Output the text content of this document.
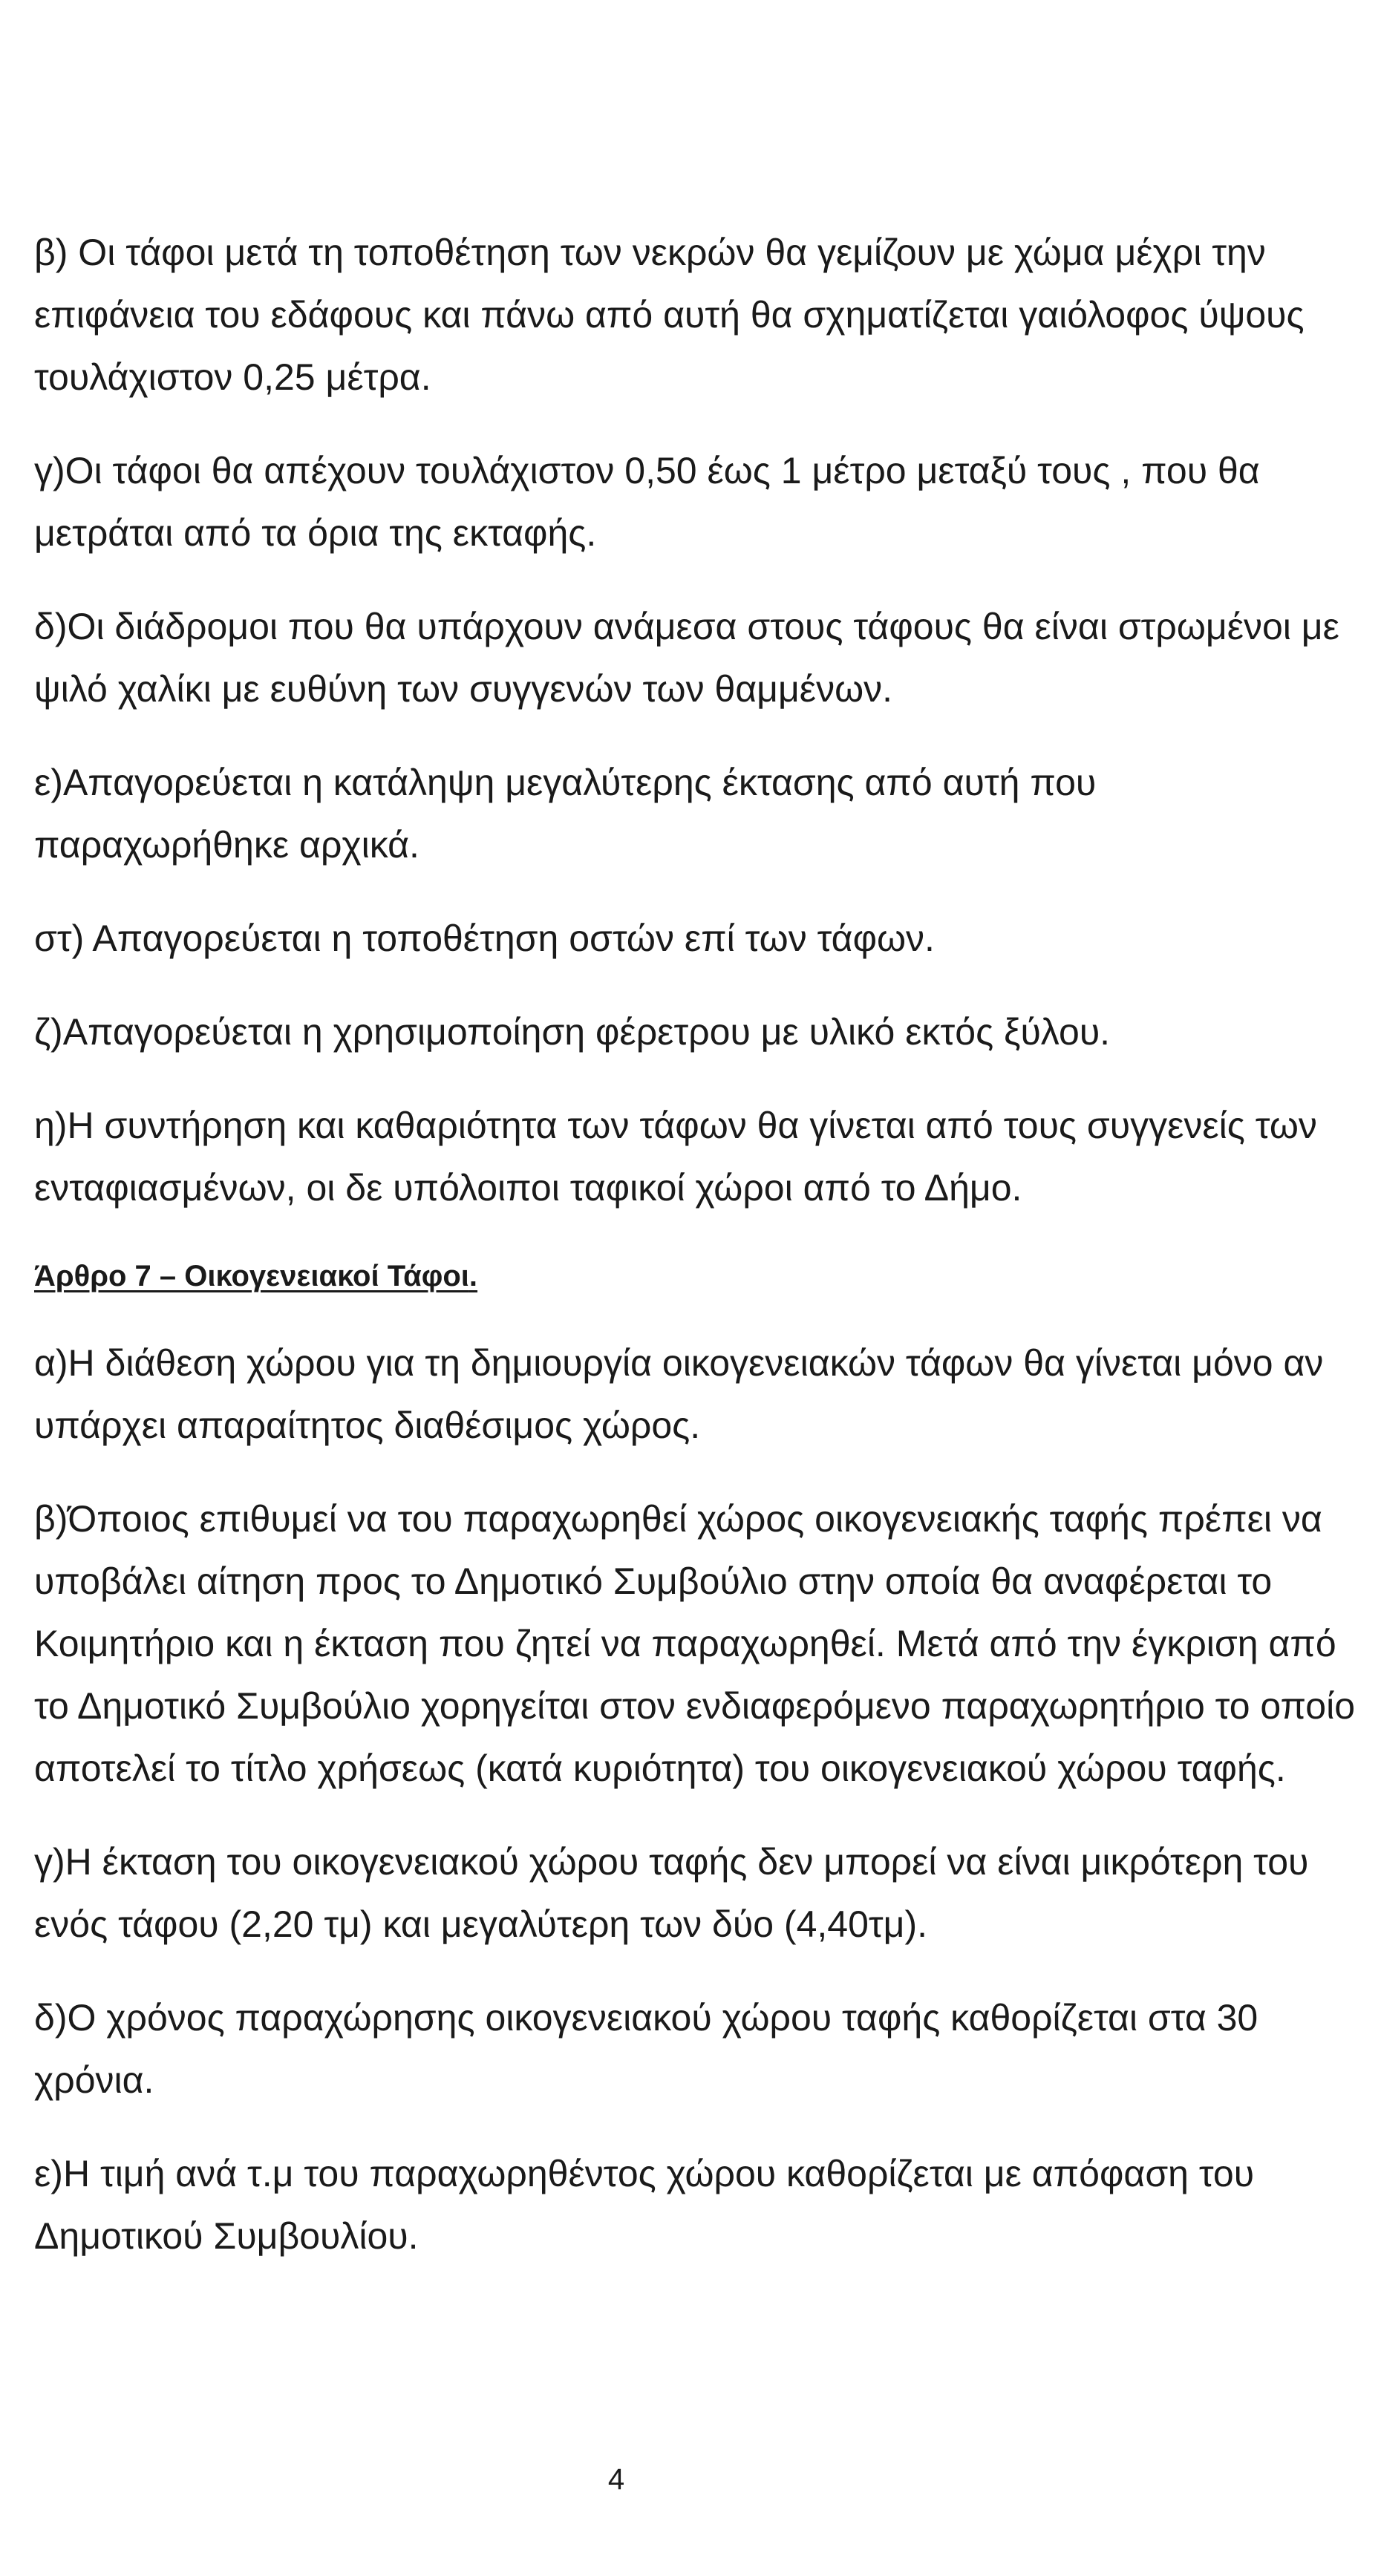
β) Οι τάφοι μετά τη τοποθέτηση των νεκρών θα γεμίζουν με χώμα μέχρι την επιφάνεια του εδάφους και πάνω από αυτή θα σχηματίζεται γαιόλοφος ύψους τουλάχιστον 0,25 μέτρα.

γ)Οι τάφοι θα απέχουν τουλάχιστον 0,50 έως 1 μέτρο μεταξύ τους , που θα μετράται από τα όρια της εκταφής.

δ)Οι διάδρομοι που θα υπάρχουν ανάμεσα στους τάφους θα είναι στρωμένοι με ψιλό χαλίκι με ευθύνη των συγγενών των θαμμένων.

ε)Απαγορεύεται η κατάληψη μεγαλύτερης έκτασης από αυτή που παραχωρήθηκε αρχικά.

στ) Απαγορεύεται η τοποθέτηση οστών επί των τάφων.

ζ)Απαγορεύεται η χρησιμοποίηση φέρετρου με υλικό εκτός ξύλου.

η)Η συντήρηση και καθαριότητα των τάφων θα γίνεται από τους συγγενείς των ενταφιασμένων, οι δε υπόλοιποι ταφικοί χώροι από το Δήμο.

Άρθρο 7 – Οικογενειακοί Τάφοι.

α)Η διάθεση χώρου για τη δημιουργία οικογενειακών τάφων θα γίνεται μόνο αν υπάρχει απαραίτητος διαθέσιμος χώρος.

β)Όποιος επιθυμεί να του παραχωρηθεί χώρος οικογενειακής ταφής πρέπει να υποβάλει αίτηση προς το Δημοτικό Συμβούλιο στην οποία θα αναφέρεται το Κοιμητήριο και η έκταση που ζητεί να παραχωρηθεί. Μετά από την έγκριση από το Δημοτικό Συμβούλιο χορηγείται στον ενδιαφερόμενο παραχωρητήριο το οποίο αποτελεί το τίτλο χρήσεως (κατά κυριότητα) του οικογενειακού χώρου ταφής.

γ)Η έκταση του οικογενειακού χώρου ταφής δεν μπορεί να είναι μικρότερη του ενός τάφου (2,20 τμ) και μεγαλύτερη των δύο (4,40τμ).

δ)Ο χρόνος παραχώρησης οικογενειακού χώρου ταφής καθορίζεται στα 30 χρόνια.

ε)Η τιμή ανά τ.μ του παραχωρηθέντος χώρου καθορίζεται με απόφαση του Δημοτικού Συμβουλίου.

4
